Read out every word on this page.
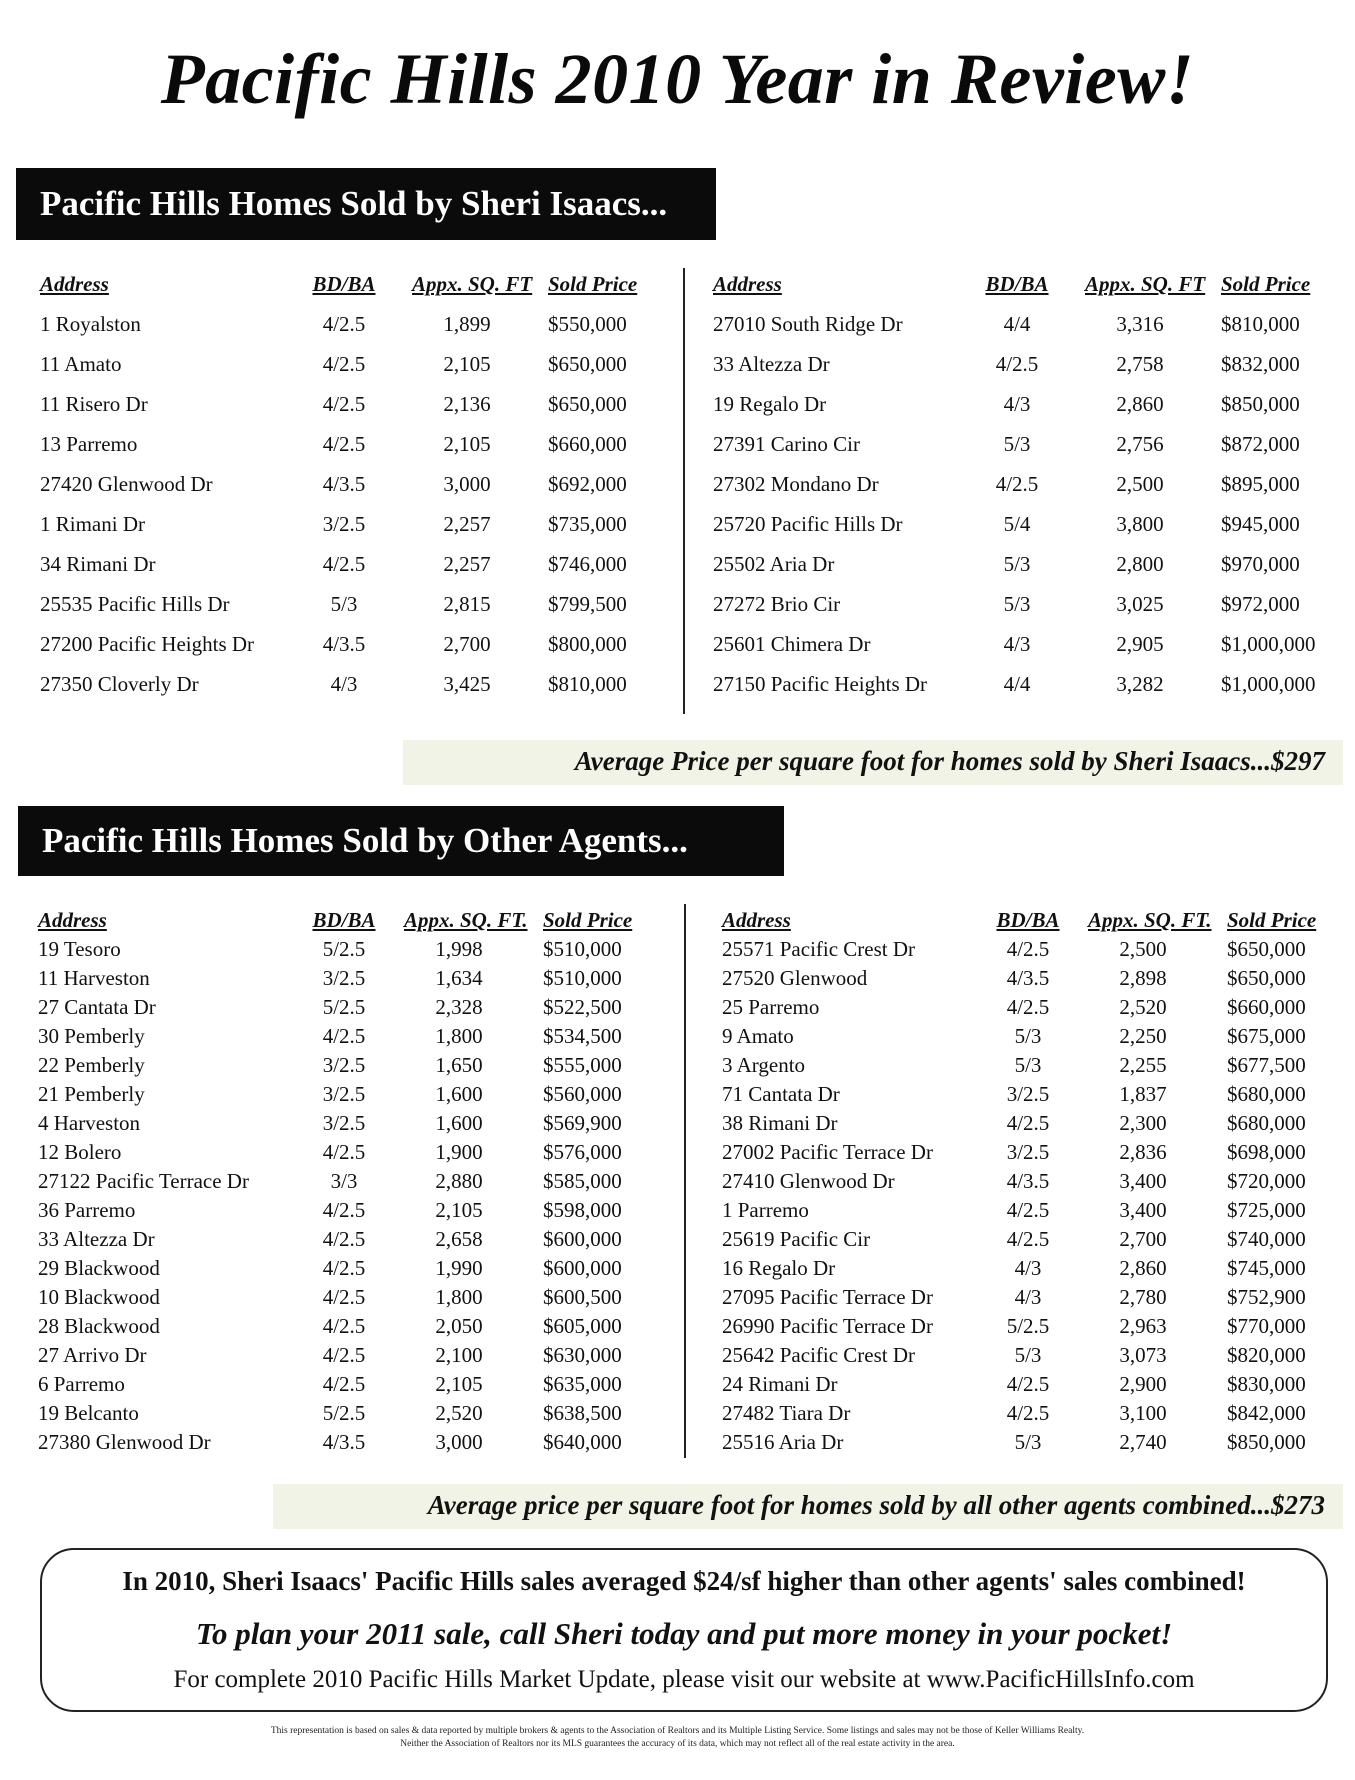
Pacific Hills 2010 Year in Review!
Pacific Hills Homes Sold by Sheri Isaacs...
Address	BD/BA	Appx. SQ. FT Sold Price
1 Royalston	4/2.5	1,899	$550,000
11 Amato	4/2.5	2,105	$650,000
11 Risero Dr	4/2.5	2,136	$650,000
13 Parremo	4/2.5	2,105	$660,000
27420 Glenwood Dr	4/3.5	3,000	$692,000
1 Rimani Dr	3/2.5	2,257	$735,000
34 Rimani Dr	4/2.5	2,257	$746,000
25535 Pacific Hills Dr	5/3	2,815	$799,500
27200 Pacific Heights Dr	4/3.5	2,700	$800,000
27350 Cloverly Dr	4/3	3,425	$810,000
Address	BD/BA	Appx. SQ. FT Sold Price
27010 South Ridge Dr	4/4	3,316	$810,000
33 Altezza Dr	4/2.5	2,758	$832,000
19 Regalo Dr	4/3	2,860	$850,000
27391 Carino Cir	5/3	2,756	$872,000
27302 Mondano Dr	4/2.5	2,500	$895,000
25720 Pacific Hills Dr	5/4	3,800	$945,000
25502 Aria Dr	5/3	2,800	$970,000
27272 Brio Cir	5/3	3,025	$972,000
25601 Chimera Dr	4/3	2,905	$1,000,000
27150 Pacific Heights Dr	4/4	3,282	$1,000,000
Average Price per square foot for homes sold by Sheri Isaacs...$297
Pacific Hills Homes Sold by Other Agents...
Address	BD/BA	Appx. SQ. FT. Sold Price
19 Tesoro	5/2.5	1,998	$510,000
11 Harveston	3/2.5	1,634	$510,000
27 Cantata Dr	5/2.5	2,328	$522,500
30 Pemberly	4/2.5	1,800	$534,500
22 Pemberly	3/2.5	1,650	$555,000
21 Pemberly	3/2.5	1,600	$560,000
4 Harveston	3/2.5	1,600	$569,900
12 Bolero	4/2.5	1,900	$576,000
27122 Pacific Terrace Dr	3/3	2,880	$585,000
36 Parremo	4/2.5	2,105	$598,000
33 Altezza Dr	4/2.5	2,658	$600,000
29 Blackwood	4/2.5	1,990	$600,000
10 Blackwood	4/2.5	1,800	$600,500
28 Blackwood	4/2.5	2,050	$605,000
27 Arrivo Dr	4/2.5	2,100	$630,000
6 Parremo	4/2.5	2,105	$635,000
19 Belcanto	5/2.5	2,520	$638,500
27380 Glenwood Dr	4/3.5	3,000	$640,000
Address	BD/BA	Appx. SQ. FT. Sold Price
25571 Pacific Crest Dr	4/2.5	2,500	$650,000
27520 Glenwood	4/3.5	2,898	$650,000
25 Parremo	4/2.5	2,520	$660,000
9 Amato	5/3	2,250	$675,000
3 Argento	5/3	2,255	$677,500
71 Cantata Dr	3/2.5	1,837	$680,000
38 Rimani Dr	4/2.5	2,300	$680,000
27002 Pacific Terrace Dr	3/2.5	2,836	$698,000
27410 Glenwood Dr	4/3.5	3,400	$720,000
1 Parremo	4/2.5	3,400	$725,000
25619 Pacific Cir	4/2.5	2,700	$740,000
16 Regalo Dr	4/3	2,860	$745,000
27095 Pacific Terrace Dr	4/3	2,780	$752,900
26990 Pacific Terrace Dr	5/2.5	2,963	$770,000
25642 Pacific Crest Dr	5/3	3,073	$820,000
24 Rimani Dr	4/2.5	2,900	$830,000
27482 Tiara Dr	4/2.5	3,100	$842,000
25516 Aria Dr	5/3	2,740	$850,000
Average price per square foot for homes sold by all other agents combined...$273
In 2010, Sheri Isaacs' Pacific Hills sales averaged $24/sf higher than other agents' sales combined!
To plan your 2011 sale, call Sheri today and put more money in your pocket!
For complete 2010 Pacific Hills Market Update, please visit our website at www.PacificHillsInfo.com
This representation is based on sales & data reported by multiple brokers & agents to the Association of Realtors and its Multiple Listing Service. Some listings and sales may not be those of Keller Williams Realty.
Neither the Association of Realtors nor its MLS guarantees the accuracy of its data, which may not reflect all of the real estate activity in the area.
